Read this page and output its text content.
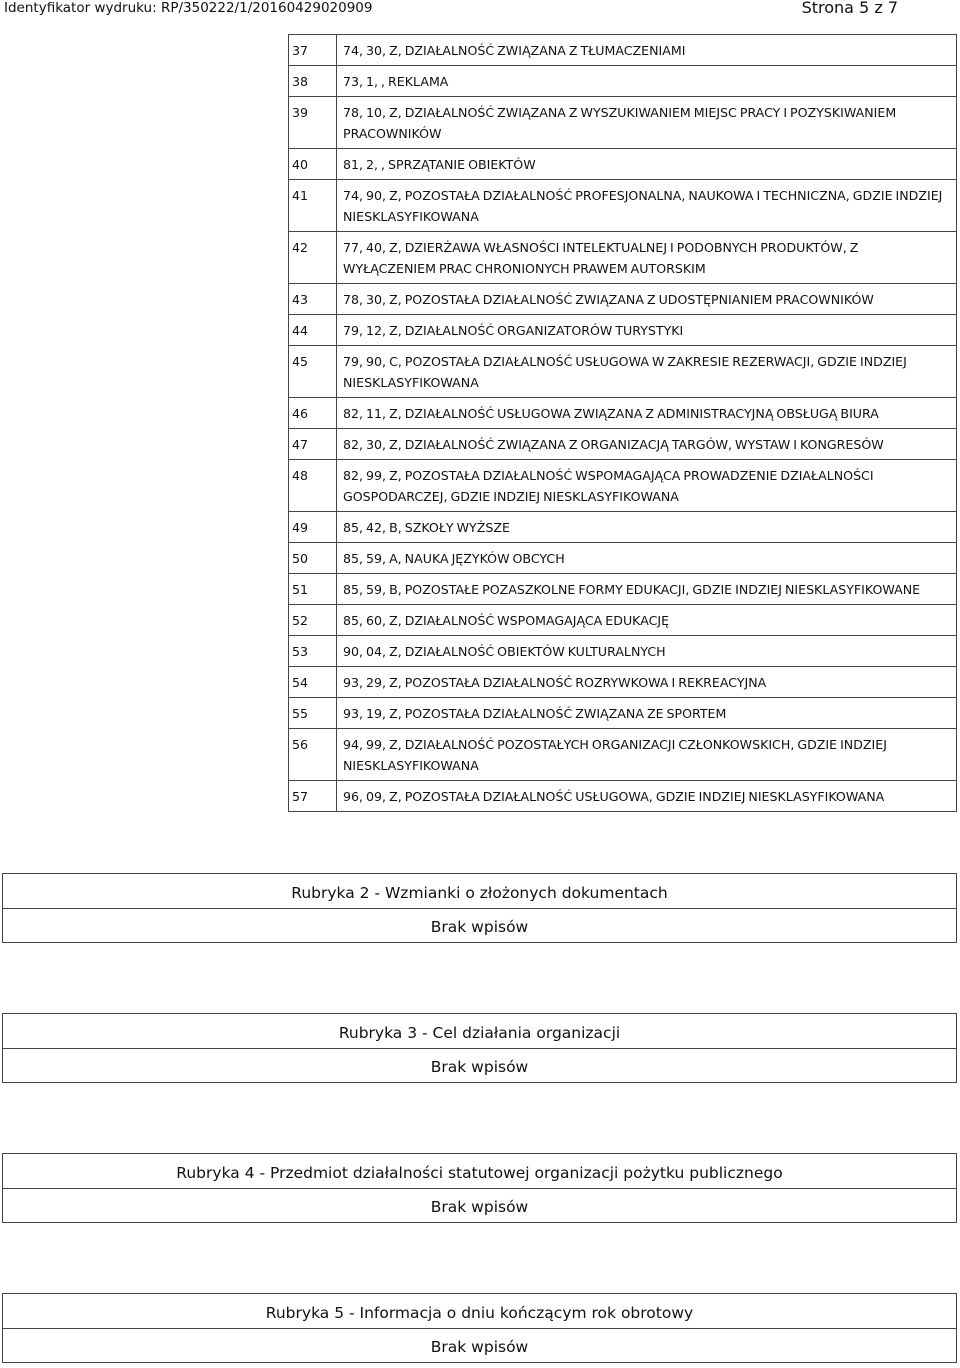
Identyfikator wydruku: RP/350222/1/20160429020909	Strona 5 z 7
37	74, 30, Z, DZIAŁALNOŚĆ ZWIĄZANA Z TŁUMACZENIAMI
38	73, 1, , REKLAMA
39	78, 10, Z, DZIAŁALNOŚĆ ZWIĄZANA Z WYSZUKIWANIEM MIEJSC PRACY I POZYSKIWANIEM PRACOWNIKÓW
40	81, 2, , SPRZĄTANIE OBIEKTÓW
41	74, 90, Z, POZOSTAŁA DZIAŁALNOŚĆ PROFESJONALNA, NAUKOWA I TECHNICZNA, GDZIE INDZIEJ NIESKLASYFIKOWANA
42	77, 40, Z, DZIERŻAWA WŁASNOŚCI INTELEKTUALNEJ I PODOBNYCH PRODUKTÓW, Z WYŁĄCZENIEM PRAC CHRONIONYCH PRAWEM AUTORSKIM
43	78, 30, Z, POZOSTAŁA DZIAŁALNOŚĆ ZWIĄZANA Z UDOSTĘPNIANIEM PRACOWNIKÓW
44	79, 12, Z, DZIAŁALNOŚĆ ORGANIZATORÓW TURYSTYKI
45	79, 90, C, POZOSTAŁA DZIAŁALNOŚĆ USŁUGOWA W ZAKRESIE REZERWACJI, GDZIE INDZIEJ NIESKLASYFIKOWANA
46	82, 11, Z, DZIAŁALNOŚĆ USŁUGOWA ZWIĄZANA Z ADMINISTRACYJNĄ OBSŁUGĄ BIURA
47	82, 30, Z, DZIAŁALNOŚĆ ZWIĄZANA Z ORGANIZACJĄ TARGÓW, WYSTAW I KONGRESÓW
48	82, 99, Z, POZOSTAŁA DZIAŁALNOŚĆ WSPOMAGAJĄCA PROWADZENIE DZIAŁALNOŚCI GOSPODARCZEJ, GDZIE INDZIEJ NIESKLASYFIKOWANA
49	85, 42, B, SZKOŁY WYŻSZE
50	85, 59, A, NAUKA JĘZYKÓW OBCYCH
51	85, 59, B, POZOSTAŁE POZASZKOLNE FORMY EDUKACJI, GDZIE INDZIEJ NIESKLASYFIKOWANE
52	85, 60, Z, DZIAŁALNOŚĆ WSPOMAGAJĄCA EDUKACJĘ
53	90, 04, Z, DZIAŁALNOŚĆ OBIEKTÓW KULTURALNYCH
54	93, 29, Z, POZOSTAŁA DZIAŁALNOŚĆ ROZRYWKOWA I REKREACYJNA
55	93, 19, Z, POZOSTAŁA DZIAŁALNOŚĆ ZWIĄZANA ZE SPORTEM
56	94, 99, Z, DZIAŁALNOŚĆ POZOSTAŁYCH ORGANIZACJI CZŁONKOWSKICH, GDZIE INDZIEJ NIESKLASYFIKOWANA
57	96, 09, Z, POZOSTAŁA DZIAŁALNOŚĆ USŁUGOWA, GDZIE INDZIEJ NIESKLASYFIKOWANA
Rubryka 2 - Wzmianki o złożonych dokumentach
Brak wpisów
Rubryka 3 - Cel działania organizacji
Brak wpisów
Rubryka 4 - Przedmiot działalności statutowej organizacji pożytku publicznego
Brak wpisów
Rubryka 5 - Informacja o dniu kończącym rok obrotowy
Brak wpisów
